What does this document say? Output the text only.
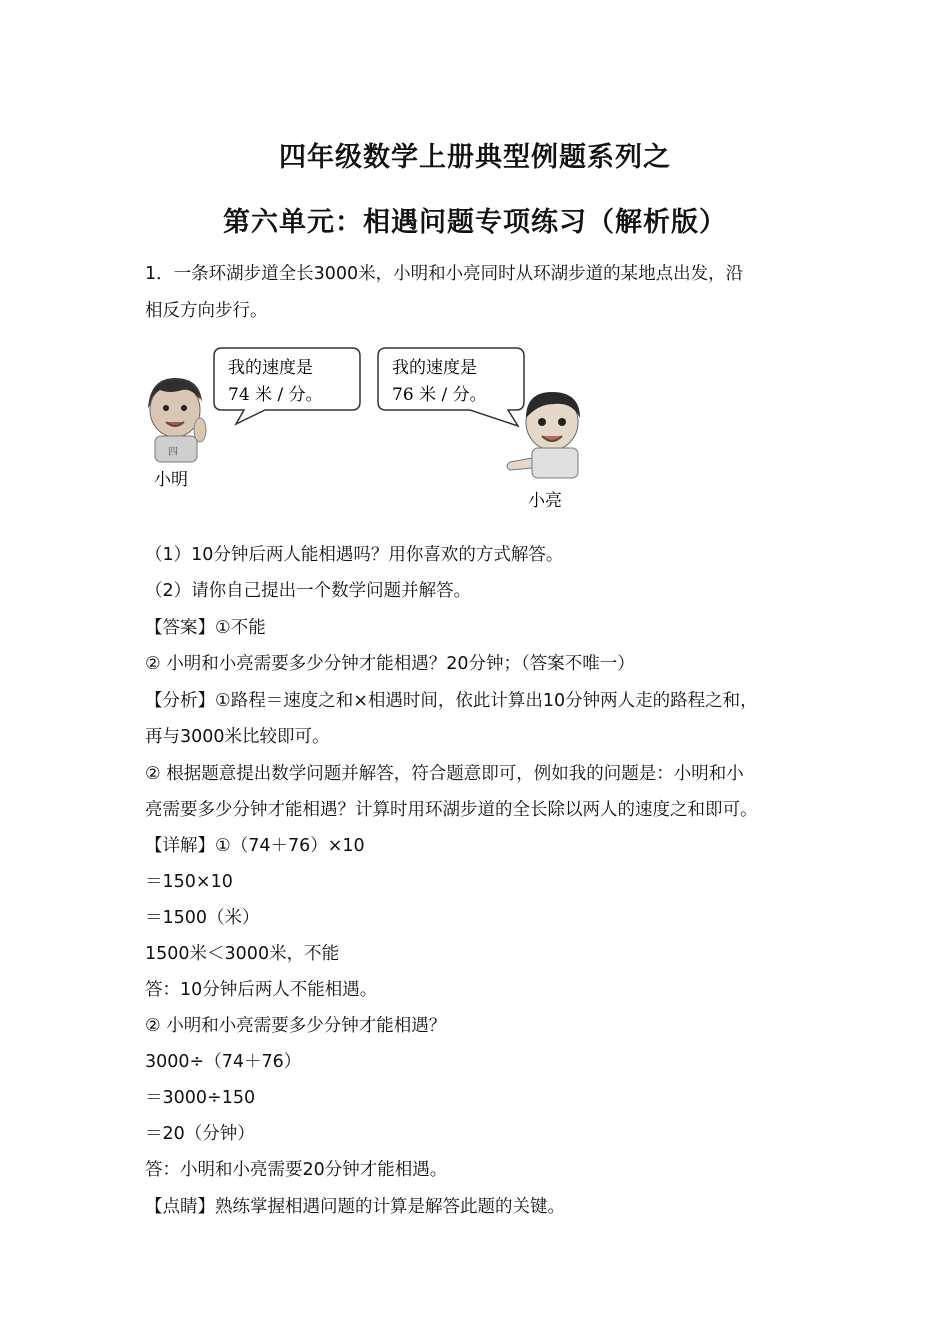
四年级数学上册典型例题系列之
第六单元：相遇问题专项练习（解析版）
1．一条环湖步道全长3000米，小明和小亮同时从环湖步道的某地点出发，沿
相反方向步行。
我的速度是
74 米 / 分。
我的速度是
76 米 / 分。
四
小明
小亮
（1）10分钟后两人能相遇吗？用你喜欢的方式解答。
（2）请你自己提出一个数学问题并解答。
【答案】①不能
② 小明和小亮需要多少分钟才能相遇？20分钟；（答案不唯一）
【分析】①路程＝速度之和×相遇时间，依此计算出10分钟两人走的路程之和，
再与3000米比较即可。
② 根据题意提出数学问题并解答，符合题意即可，例如我的问题是：小明和小
亮需要多少分钟才能相遇？计算时用环湖步道的全长除以两人的速度之和即可。
【详解】①（74＋76）×10
＝150×10
＝1500（米）
1500米＜3000米，不能
答：10分钟后两人不能相遇。
② 小明和小亮需要多少分钟才能相遇？
3000÷（74＋76）
＝3000÷150
＝20（分钟）
答：小明和小亮需要20分钟才能相遇。
【点睛】熟练掌握相遇问题的计算是解答此题的关键。
